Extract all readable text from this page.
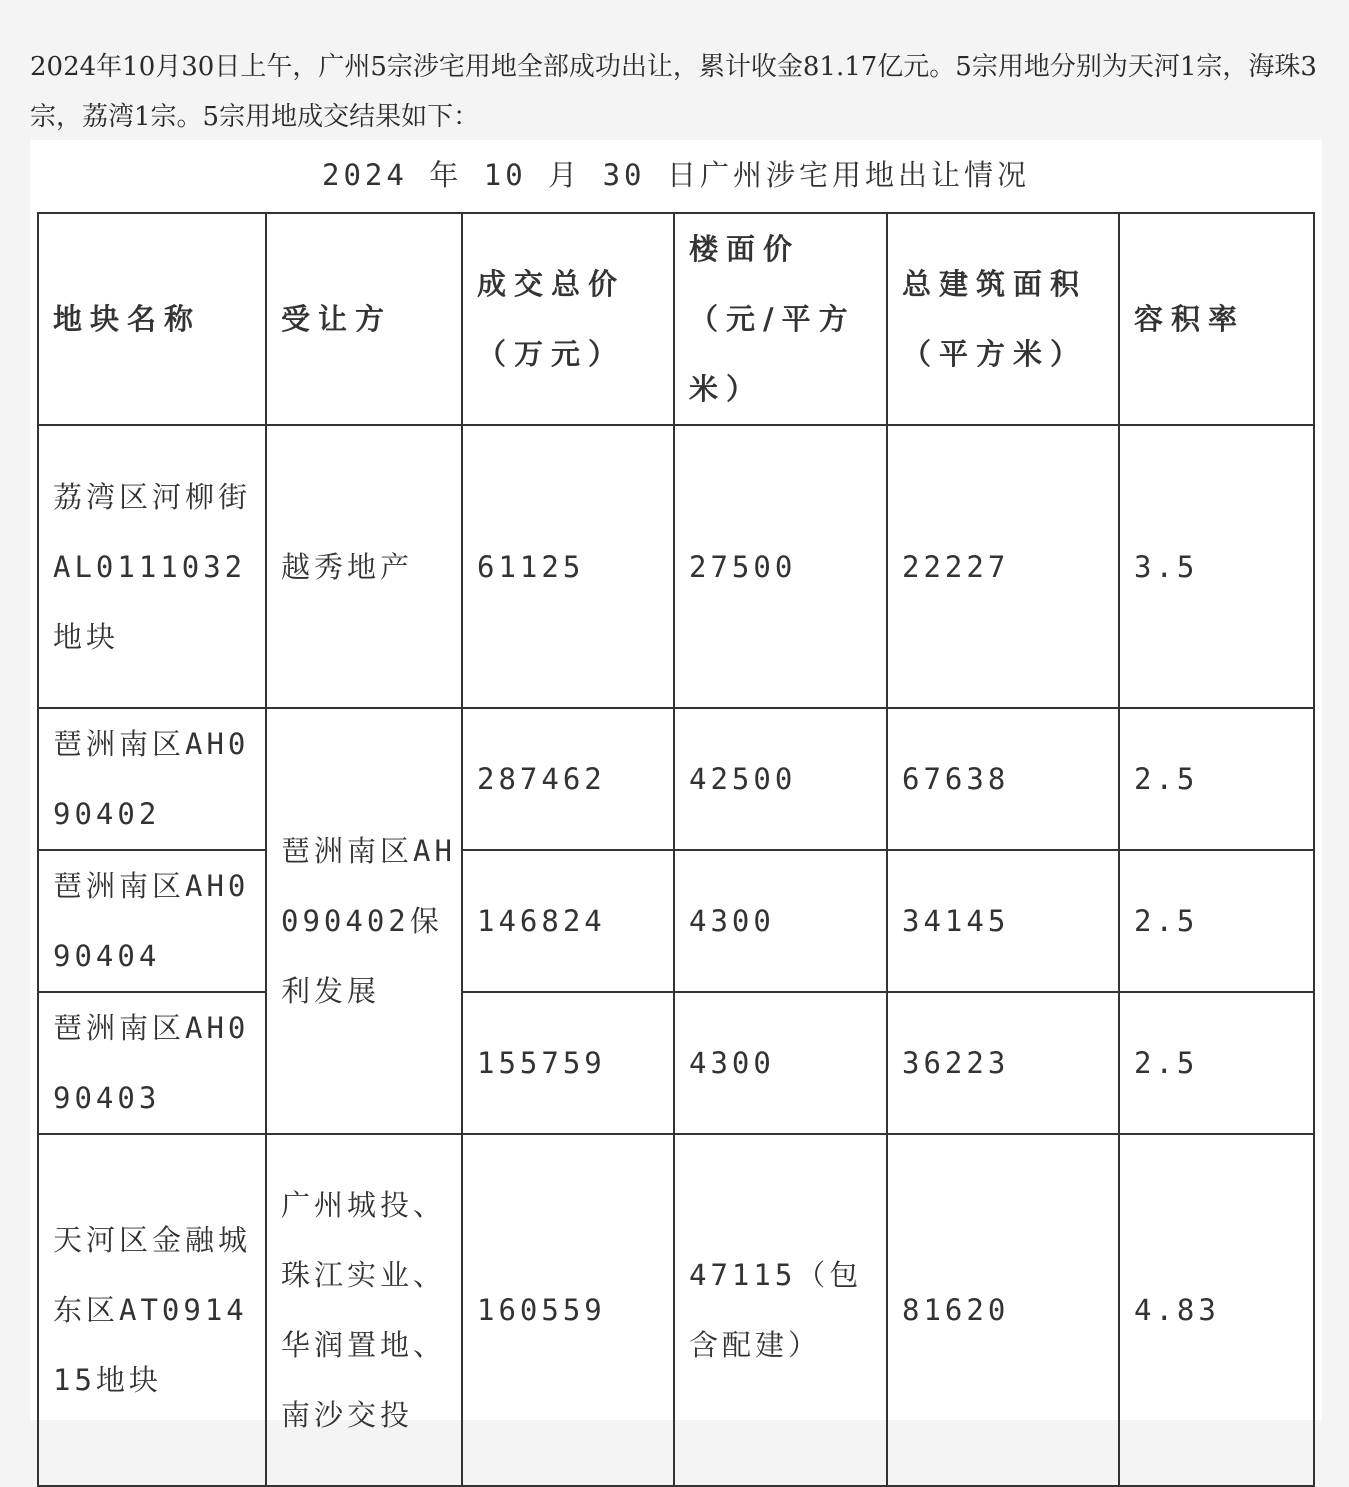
2024年10月30日上午，广州5宗涉宅用地全部成功出让，累计收金81.17亿元。5宗用地分别为天河1宗，海珠3宗，荔湾1宗。5宗用地成交结果如下：
2024 年 10 月 30 日广州涉宅用地出让情况
地块名称	受让方	成交总价（万元）	楼面价（元/平方米）	总建筑面积（平方米）	容积率
荔湾区河柳街AL0111032地块	越秀地产	61125	27500	22227	3.5
琶洲南区AH090402	琶洲南区AH090402保利发展	287462	42500	67638	2.5
琶洲南区AH090404		146824	4300	34145	2.5
琶洲南区AH090403		155759	4300	36223	2.5
天河区金融城东区AT091415地块	广州城投、珠江实业、华润置地、南沙交投	160559	47115（包含配建）	81620	4.83
